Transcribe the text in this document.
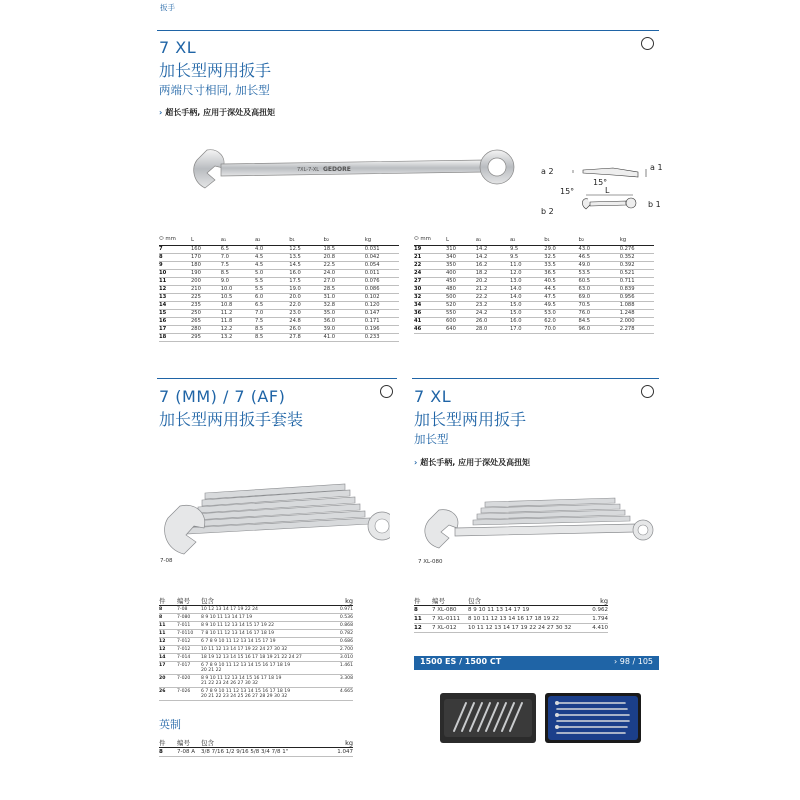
扳手
7 XL
加长型两用扳手
两端尺寸相同, 加长型
› 超长手柄, 应用于深处及高扭矩
7XL-7-XL GEDORE	a 2	a 1
15°
L
15°
b 2
b 1
⬭ mm	L	a₁	a₂	b₁	b₂	kg
7	160	6.5	4.0	12.5	18.5	0.031
8	170	7.0	4.5	13.5	20.8	0.042
9	180	7.5	4.5	14.5	22.5	0.054
10	190	8.5	5.0	16.0	24.0	0.011
11	200	9.0	5.5	17.5	27.0	0.076
12	210	10.0	5.5	19.0	28.5	0.086
13	225	10.5	6.0	20.0	31.0	0.102
14	235	10.8	6.5	22.0	32.8	0.120
15	250	11.2	7.0	23.0	35.0	0.147
16	265	11.8	7.5	24.8	36.0	0.171
17	280	12.2	8.5	26.0	39.0	0.196
18	295	13.2	8.5	27.8	41.0	0.233
⬭ mm	L	a₁	a₂	b₁	b₂	kg
19	310	14.2	9.5	29.0	43.0	0.276
21	340	14.2	9.5	32.5	46.5	0.352
22	350	16.2	11.0	33.5	49.0	0.392
24	400	18.2	12.0	36.5	53.5	0.521
27	450	20.2	13.0	40.5	60.5	0.711
30	480	21.2	14.0	44.5	63.0	0.839
32	500	22.2	14.0	47.5	69.0	0.956
34	520	23.2	15.0	49.5	70.5	1.088
36	550	24.2	15.0	53.0	76.0	1.248
41	600	26.0	16.0	62.0	84.5	2.000
46	640	28.0	17.0	70.0	96.0	2.278
7 (MM) / 7 (AF)
加长型两用扳手套装
7-08
件	编号	包含	kg

8	7-08	10 12 13 14 17 19 22 24	0.971

8	7-080	8 9 10 11 13 14 17 19	0.536

11	7-011	8 9 10 11 12 13 14 15 17 19 22	0.868

11	7-0110	7 8 10 11 12 13 14 16 17 18 19	0.782

12	7-012	6 7 8 9 10 11 12 13 14 15 17 19	0.686

12	7-012	10 11 12 13 14 17 19 22 24 27 30 32	2.700

14	7-014	18 19 12 13 14 15 16 17 18 19 21 22 24 27	3.010

17	7-017	6 7 8 9 10 11 12 13 14 15 16 17 18 19
20 21 22	1.461

20	7-020	8 9 10 11 12 13 14 15 16 17 18 19
21 22 23 24 26 27 30 32	3.308

26	7-026	6 7 8 9 10 11 12 13 14 15 16 17 18 19
20 21 22 23 24 25 26 27 28 29 30 32	4.665
英制
件	编号	包含	kg
8	7-08 A	3/8 7/16 1/2 9/16 5/8 3/4 7/8 1"	1.047
7 XL
加长型两用扳手
加长型
› 超长手柄, 应用于深处及高扭矩
7 XL-080
件	编号	包含	kg
8	7 XL-080	8 9 10 11 13 14 17 19	0.962
11	7 XL-0111	8 10 11 12 13 14 16 17 18 19 22	1.794
12	7 XL-012	10 11 12 13 14 17 19 22 24 27 30 32	4.410
1500 ES / 1500 CT	› 98 / 105
